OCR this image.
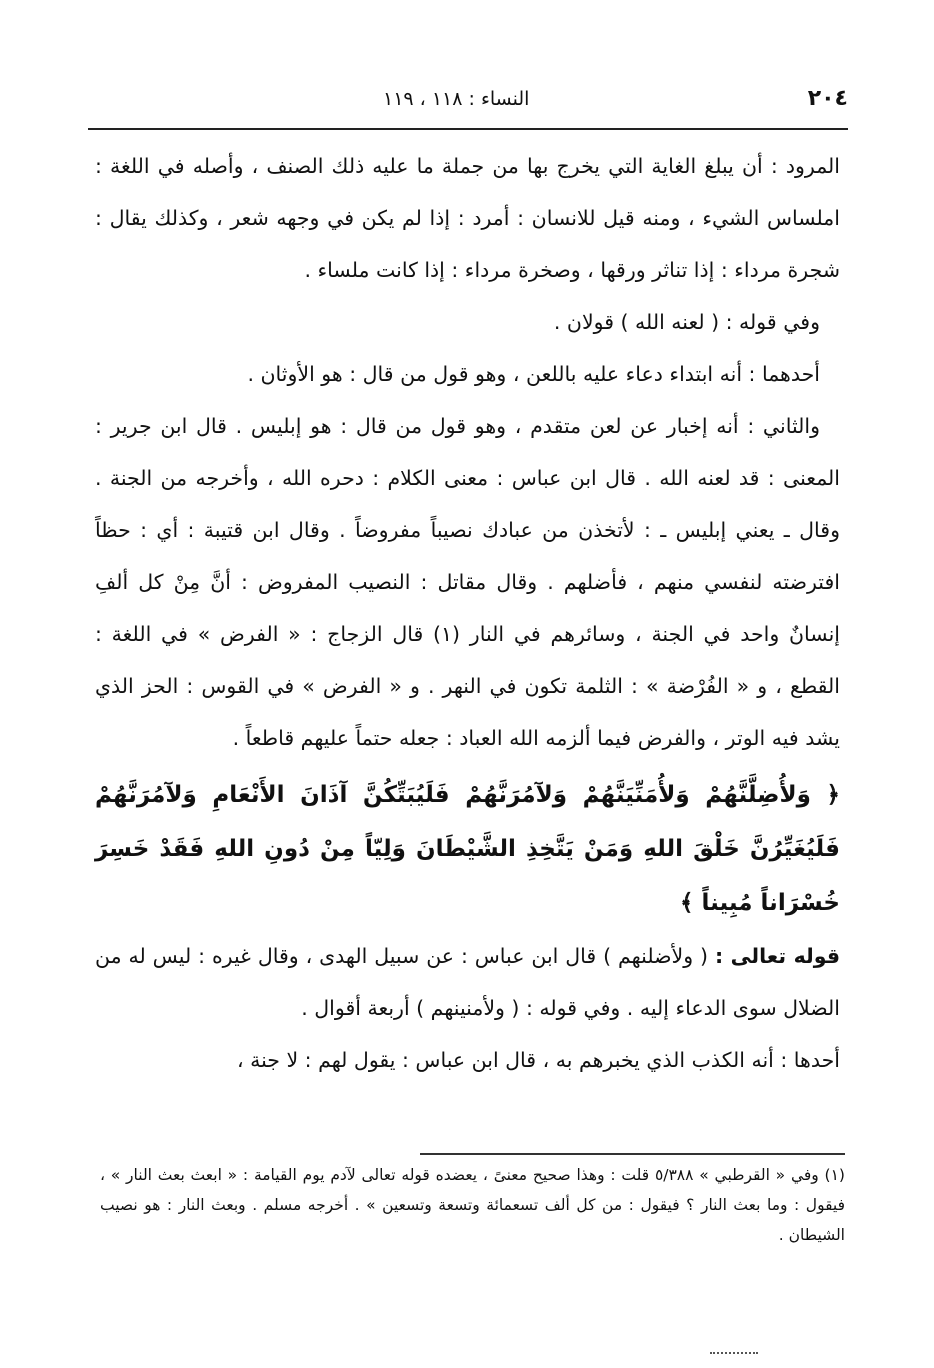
٢٠٤
النساء : ١١٨ ، ١١٩

المرود : أن يبلغ الغاية التي يخرج بها من جملة ما عليه ذلك الصنف ، وأصله في اللغة : املساس الشيء ، ومنه قيل للانسان : أمرد : إذا لم يكن في وجهه شعر ، وكذلك يقال : شجرة مرداء : إذا تناثر ورقها ، وصخرة مرداء : إذا كانت ملساء .

وفي قوله : ( لعنه الله ) قولان .

أحدهما : أنه ابتداء دعاء عليه باللعن ، وهو قول من قال : هو الأوثان .

والثاني : أنه إخبار عن لعن متقدم ، وهو قول من قال : هو إبليس . قال ابن جرير : المعنى : قد لعنه الله . قال ابن عباس : معنى الكلام : دحره الله ، وأخرجه من الجنة . وقال ـ يعني إبليس ـ : لأتخذن من عبادك نصيباً مفروضاً . وقال ابن قتيبة : أي : حظاً افترضته لنفسي منهم ، فأضلهم . وقال مقاتل : النصيب المفروض : أنَّ مِنْ كل ألفِ إنسانٌ واحد في الجنة ، وسائرهم في النار (١) قال الزجاج : « الفرض » في اللغة : القطع ، و « الفُرْضة » : الثلمة تكون في النهر . و « الفرض » في القوس : الحز الذي يشد فيه الوتر ، والفرض فيما ألزمه الله العباد : جعله حتماً عليهم قاطعاً .

﴿ وَلأُضِلَّنَّهُمْ وَلأُمَنِّيَنَّهُمْ وَلآمُرَنَّهُمْ فَلَيُبَتِّكُنَّ آذَانَ الأَنْعَامِ وَلآمُرَنَّهُمْ فَلَيُغَيِّرُنَّ خَلْقَ اللهِ وَمَنْ يَتَّخِذِ الشَّيْطَانَ وَلِيّاً مِنْ دُونِ اللهِ فَقَدْ خَسِرَ خُسْرَاناً مُبِيناً ﴾

قوله تعالى : ( ولأضلنهم ) قال ابن عباس : عن سبيل الهدى ، وقال غيره : ليس له من الضلال سوى الدعاء إليه . وفي قوله : ( ولأمنينهم ) أربعة أقوال .

أحدها : أنه الكذب الذي يخبرهم به ، قال ابن عباس : يقول لهم : لا جنة ،

(١) وفي « القرطبي » ٥/٣٨٨ قلت : وهذا صحيح معنىً ، يعضده قوله تعالى لآدم يوم القيامة : « ابعث بعث النار » ، فيقول : وما بعث النار ؟ فيقول : من كل ألف تسعمائة وتسعة وتسعين » . أخرجه مسلم . وبعث النار : هو نصيب الشيطان .
